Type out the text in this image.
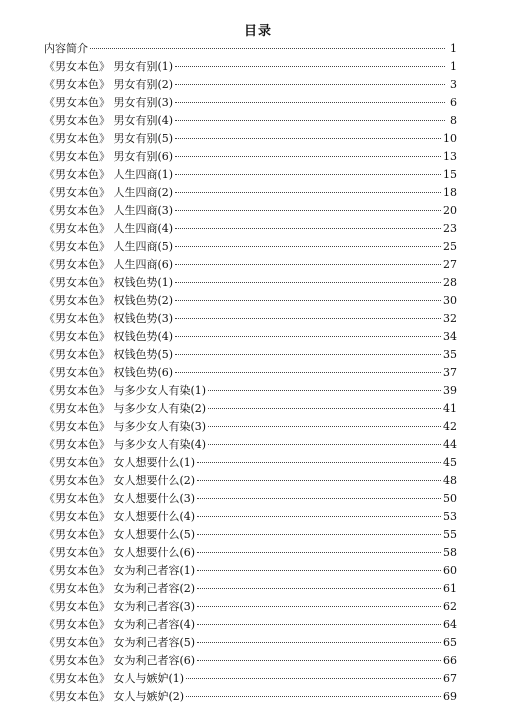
目录
内容简介	1
《男女本色》 男女有别(1)	1
《男女本色》 男女有别(2)	3
《男女本色》 男女有别(3)	6
《男女本色》 男女有别(4)	8
《男女本色》 男女有别(5)	10
《男女本色》 男女有别(6)	13
《男女本色》 人生四商(1)	15
《男女本色》 人生四商(2)	18
《男女本色》 人生四商(3)	20
《男女本色》 人生四商(4)	23
《男女本色》 人生四商(5)	25
《男女本色》 人生四商(6)	27
《男女本色》 权钱色势(1)	28
《男女本色》 权钱色势(2)	30
《男女本色》 权钱色势(3)	32
《男女本色》 权钱色势(4)	34
《男女本色》 权钱色势(5)	35
《男女本色》 权钱色势(6)	37
《男女本色》 与多少女人有染(1)	39
《男女本色》 与多少女人有染(2)	41
《男女本色》 与多少女人有染(3)	42
《男女本色》 与多少女人有染(4)	44
《男女本色》 女人想要什么(1)	45
《男女本色》 女人想要什么(2)	48
《男女本色》 女人想要什么(3)	50
《男女本色》 女人想要什么(4)	53
《男女本色》 女人想要什么(5)	55
《男女本色》 女人想要什么(6)	58
《男女本色》 女为利己者容(1)	60
《男女本色》 女为利己者容(2)	61
《男女本色》 女为利己者容(3)	62
《男女本色》 女为利己者容(4)	64
《男女本色》 女为利己者容(5)	65
《男女本色》 女为利己者容(6)	66
《男女本色》 女人与嫉妒(1)	67
《男女本色》 女人与嫉妒(2)	69
